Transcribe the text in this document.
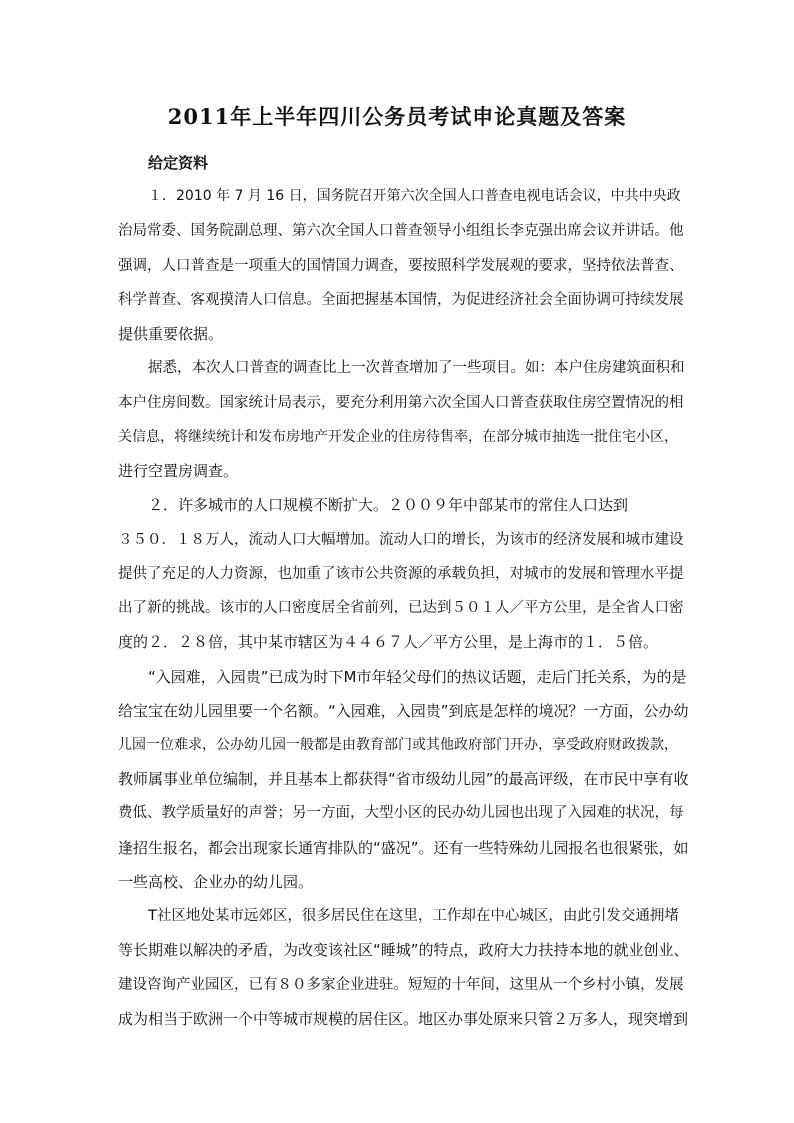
2011年上半年四川公务员考试申论真题及答案
给定资料
１．2010 年 7 月 16 日，国务院召开第六次全国人口普查电视电话会议，中共中央政
治局常委、国务院副总理、第六次全国人口普查领导小组组长李克强出席会议并讲话。他
强调，人口普查是一项重大的国情国力调查，要按照科学发展观的要求，坚持依法普查、
科学普查、客观摸清人口信息。全面把握基本国情，为促进经济社会全面协调可持续发展
提供重要依据。
据悉，本次人口普查的调查比上一次普查增加了一些项目。如：本户住房建筑面积和
本户住房间数。国家统计局表示，要充分利用第六次全国人口普查获取住房空置情况的相
关信息，将继续统计和发布房地产开发企业的住房待售率，在部分城市抽选一批住宅小区，
进行空置房调查。
２．许多城市的人口规模不断扩大。２００９年中部某市的常住人口达到
３５０．１８万人，流动人口大幅增加。流动人口的增长，为该市的经济发展和城市建设
提供了充足的人力资源，也加重了该市公共资源的承载负担，对城市的发展和管理水平提
出了新的挑战。该市的人口密度居全省前列，已达到５０１人／平方公里，是全省人口密
度的２．２８倍，其中某市辖区为４４６７人／平方公里，是上海市的１．５倍。
“入园难，入园贵”已成为时下M市年轻父母们的热议话题，走后门托关系，为的是
给宝宝在幼儿园里要一个名额。“入园难，入园贵”到底是怎样的境况？一方面，公办幼
儿园一位难求，公办幼儿园一般都是由教育部门或其他政府部门开办，享受政府财政拨款，
教师属事业单位编制，并且基本上都获得“省市级幼儿园”的最高评级，在市民中享有收
费低、教学质量好的声誉；另一方面，大型小区的民办幼儿园也出现了入园难的状况，每
逢招生报名，都会出现家长通宵排队的“盛况”。还有一些特殊幼儿园报名也很紧张，如
一些高校、企业办的幼儿园。
T社区地处某市远郊区，很多居民住在这里，工作却在中心城区，由此引发交通拥堵
等长期难以解决的矛盾，为改变该社区“睡城”的特点，政府大力扶持本地的就业创业、
建设咨询产业园区，已有８０多家企业进驻。短短的十年间，这里从一个乡村小镇，发展
成为相当于欧洲一个中等城市规模的居住区。地区办事处原来只管２万多人，现突增到
